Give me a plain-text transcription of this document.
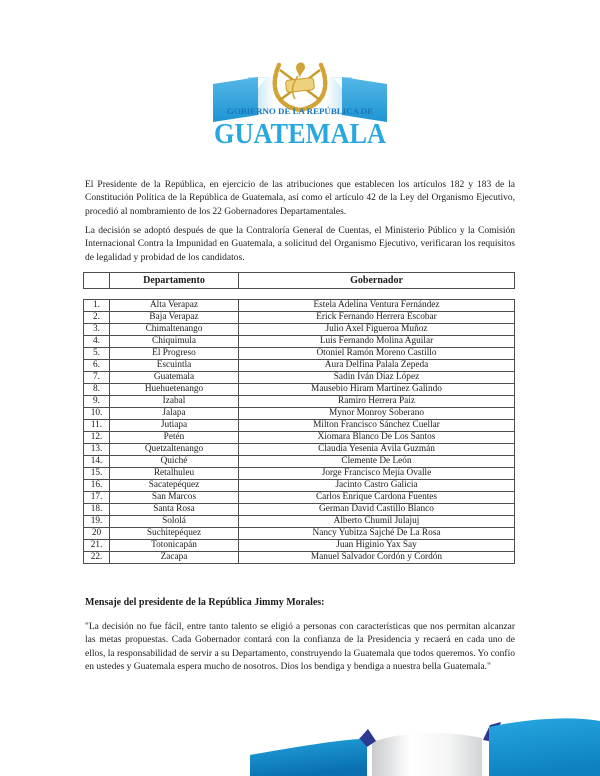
GOBIERNO DE LA REPÚBLICA DE
GUATEMALA

El Presidente de la República, en ejercicio de las atribuciones que establecen los artículos 182 y 183 de la Constitución Política de la República de Guatemala, así como el artículo 42 de la Ley del Organismo Ejecutivo, procedió al nombramiento de los 22 Gobernadores Departamentales.

La decisión se adoptó después de que la Contraloría General de Cuentas, el Ministerio Público y la Comisión Internacional Contra la Impunidad en Guatemala, a solicitud del Organismo Ejecutivo, verificaran los requisitos de legalidad y probidad de los candidatos.

	Departamento	Gobernador
1.	Alta Verapaz	Estela Adelina Ventura Fernández
2.	Baja Verapaz	Erick Fernando Herrera Escobar
3.	Chimaltenango	Julio Axel Figueroa Muñoz
4.	Chiquimula	Luis Fernando Molina Aguilar
5.	El Progreso	Otoniel Ramón Moreno Castillo
6.	Escuintla	Aura Delfina Palala Zepeda
7.	Guatemala	Sadin Iván Díaz López
8.	Huehuetenango	Mausebio Hiram Martínez Galindo
9.	Izabal	Ramiro Herrera Paiz
10.	Jalapa	Mynor Monroy Soberano
11.	Jutiapa	Milton Francisco Sánchez Cuellar
12.	Petén	Xiomara Blanco De Los Santos
13.	Quetzaltenango	Claudia Yesenia Ávila Guzmán
14.	Quiché	Clemente De León
15.	Retalhuleu	Jorge Francisco Mejía Ovalle
16.	Sacatepéquez	Jacinto Castro Galicia
17.	San Marcos	Carlos Enrique Cardona Fuentes
18.	Santa Rosa	German David Castillo Blanco
19.	Sololá	Alberto Chumil Julajuj
20	Suchitepéquez	Nancy Yubitza Sajché De La Rosa
21.	Totonicapán	Juan Higinio Yax Say
22.	Zacapa	Manuel Salvador Cordón y Cordón

Mensaje del presidente de la República Jimmy Morales:

"La decisión no fue fácil, entre tanto talento se eligió a personas con características que nos permitan alcanzar las metas propuestas. Cada Gobernador contará con la confianza de la Presidencia y recaerá en cada uno de ellos, la responsabilidad de servir a su Departamento, construyendo la Guatemala que todos queremos. Yo confío en ustedes y Guatemala espera mucho de nosotros. Dios los bendiga y bendiga a nuestra bella Guatemala."
